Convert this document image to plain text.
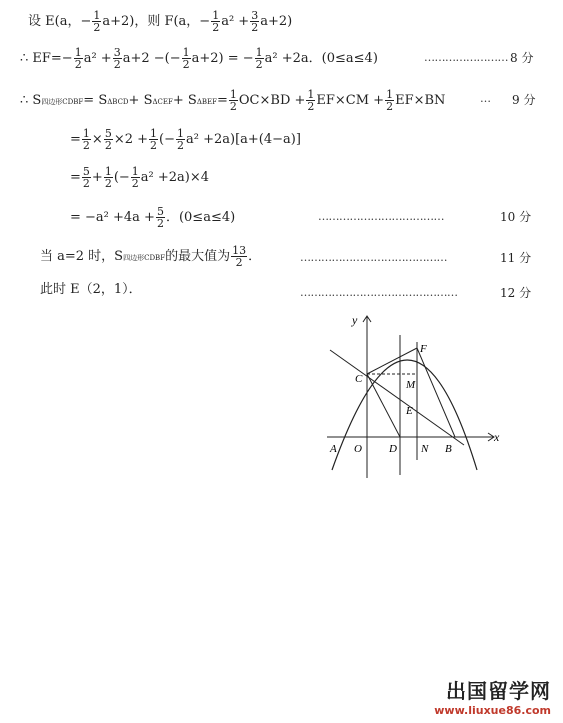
设 E(a，− $\frac{1}{2} a+2$)，则 F(a，− $\frac{1}{2} a^2 + \frac{3}{2} a+2$)
∴ $EF=- \frac{1}{2} a^2 + \frac{3}{2} a+2$ −(− $\frac{1}{2} a+2$) = − $\frac{1}{2} a^2 +2a$．(0≤a≤4)	…………………… 8 分
∴ S四边形CDBF= $S\Delta BCD+ S\Delta CEF+ S\Delta BEF= \frac{1}{2} OC\times BD + \frac{1}{2} EF\times CM + \frac{1}{2} EF\times BN$	… 9 分
= $\frac{1}{2} \times \frac{5}{2} \times 2 + \frac{1}{2}$ (− $\frac{1}{2} a^2 +2a)[a+(4-a)]$
= $\frac{5}{2} + \frac{1}{2}$ (− $\frac{1}{2} a^2 +2a)\times 4$
= $-a^2 +4a + \frac{5}{2}$ ．(0≤a≤4)	………………………………	10 分
当 a=2 时，S四边形CDBF的最大值为 $\frac{13}{2}$ ．	……………………………………	11 分
此时 E（2，1）．	………………………………………	12 分
y
x
F
C	M
E
A O D N B
出国留学网
www.liuxue86.com
